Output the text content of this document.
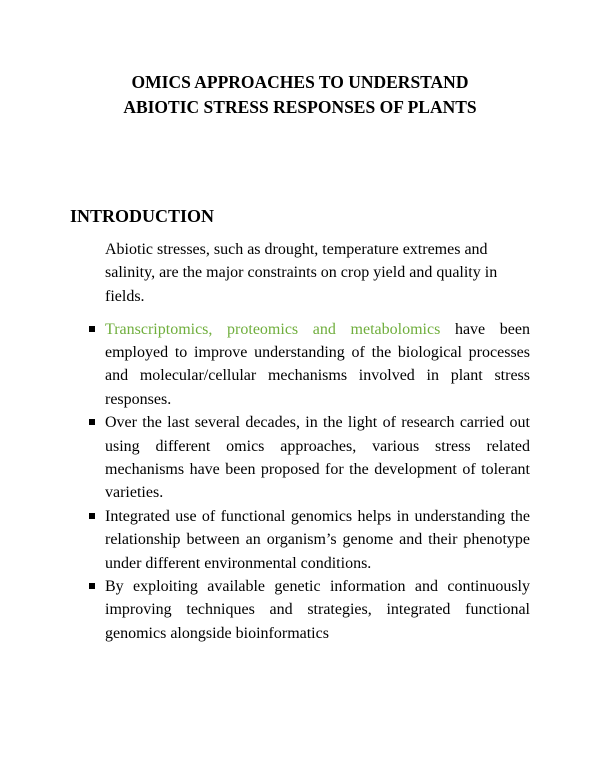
OMICS APPROACHES TO UNDERSTAND
ABIOTIC STRESS RESPONSES OF PLANTS
INTRODUCTION
Abiotic stresses, such as drought, temperature extremes and salinity, are the major constraints on crop yield and quality in fields.
Transcriptomics, proteomics and metabolomics have been employed to improve understanding of the biological processes and molecular/cellular mechanisms involved in plant stress responses.
Over the last several decades, in the light of research carried out using different omics approaches, various stress related mechanisms have been proposed for the development of tolerant varieties.
Integrated use of functional genomics helps in understanding the relationship between an organism’s genome and their phenotype under different environmental conditions.
By exploiting available genetic information and continuously improving techniques and strategies, integrated functional genomics alongside bioinformatics
